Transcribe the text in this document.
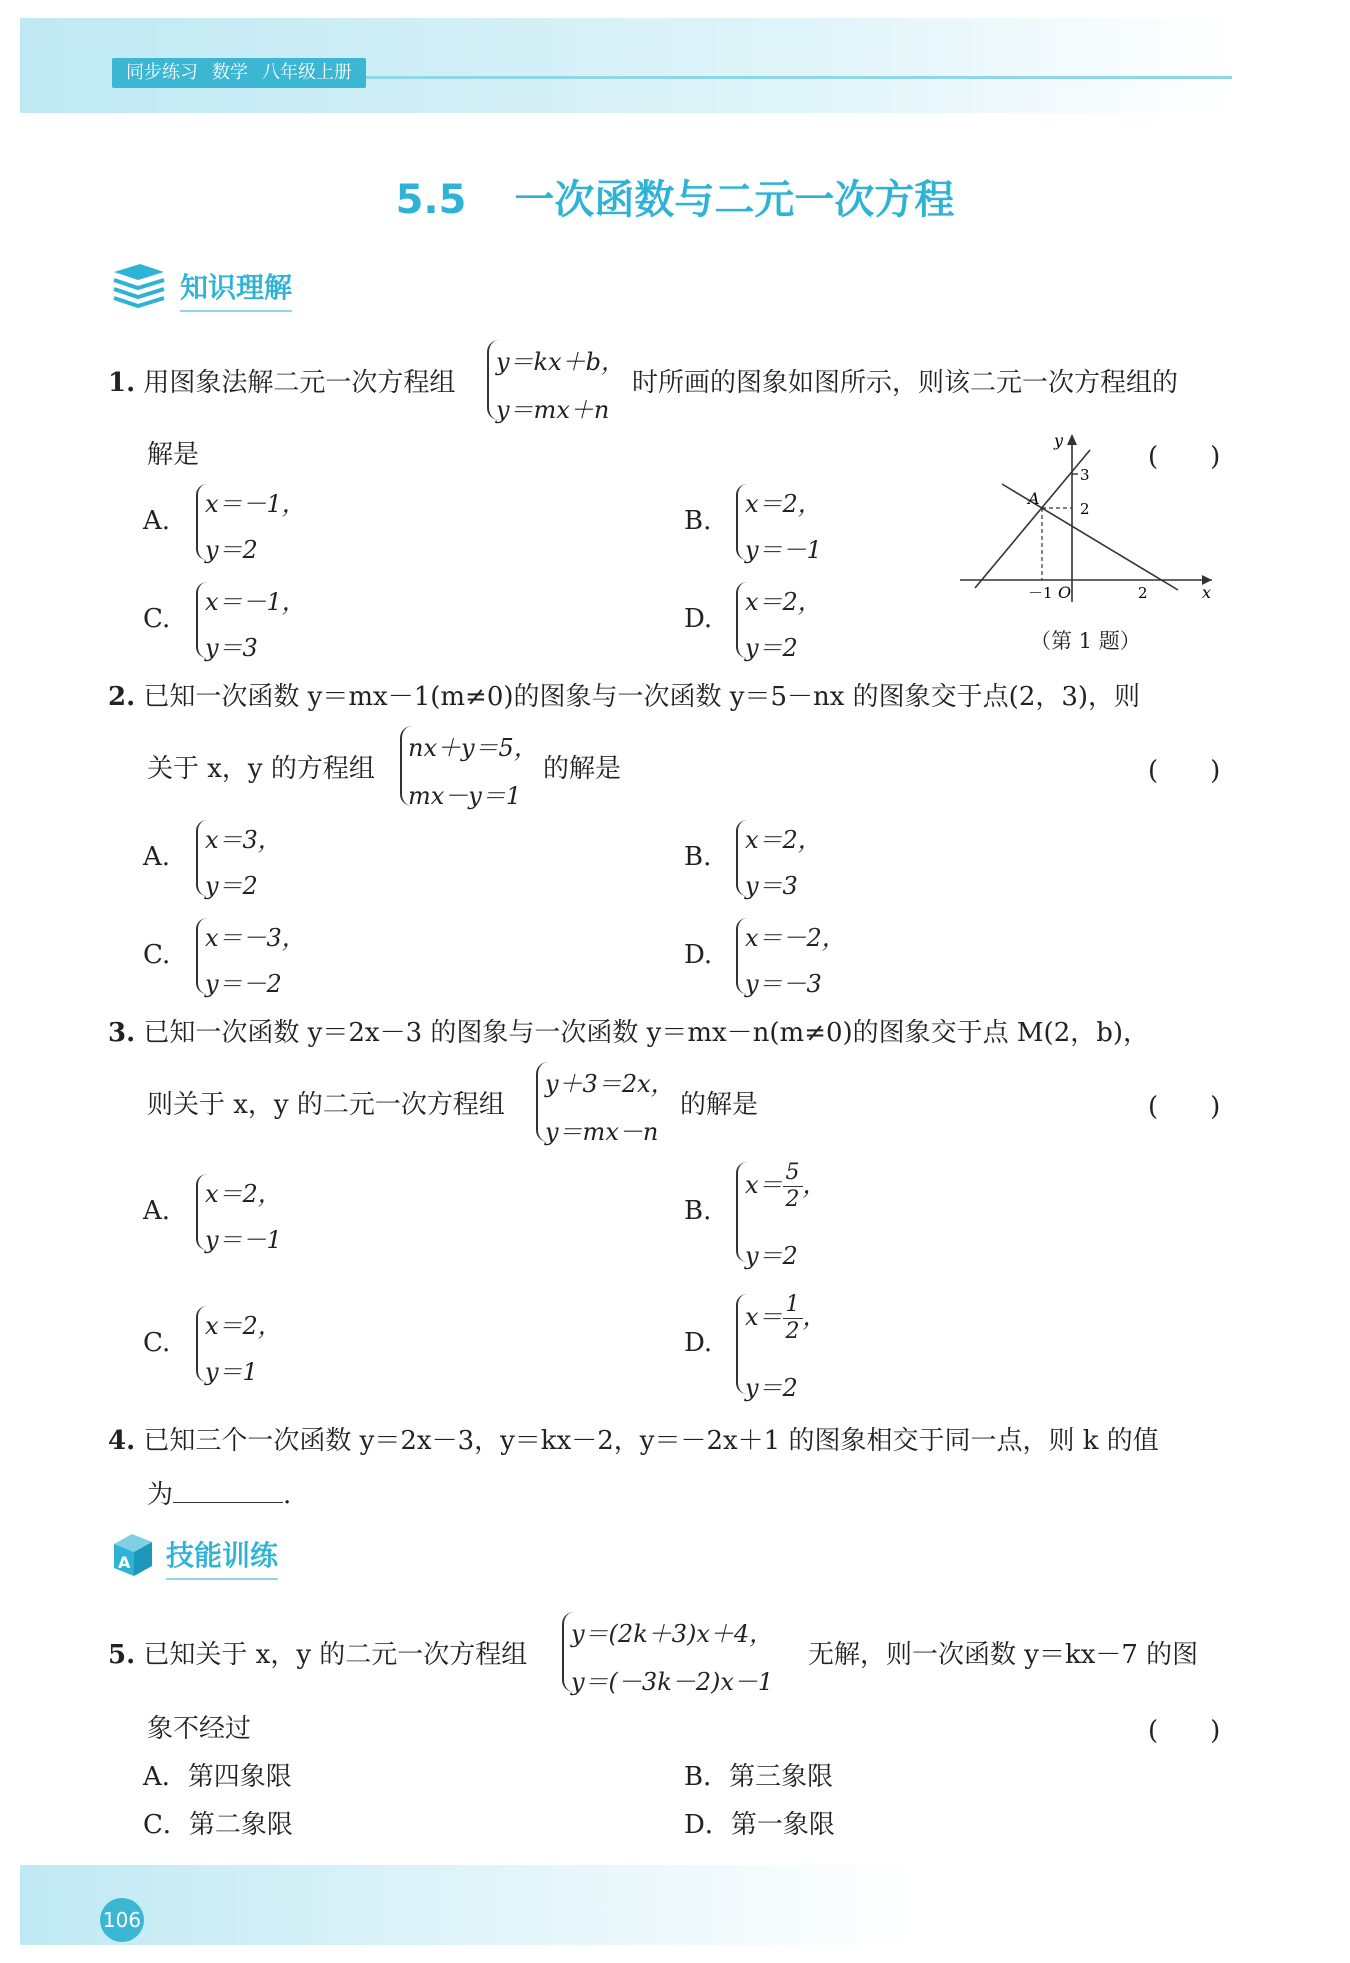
同步练习 数学 八年级上册
5.5 一次函数与二元一次方程
知识理解
1. 用图象法解二元一次方程组
y＝kx＋b，
y＝mx＋n
时所画的图象如图所示，则该二元一次方程组的
解是	(　　)
A.
x＝－1，
y＝2
B.
x＝2，
y＝－1
C.
x＝－1，
y＝3
D.
x＝2，
y＝2
x
y
O
A
－1	2
2
3
（第 1 题）
2. 已知一次函数 y＝mx－1(m≠0)的图象与一次函数 y＝5－nx 的图象交于点(2，3)，则
关于 x，y 的方程组
nx＋y＝5，
mx－y＝1
的解是	(　　)
A.
x＝3，
y＝2
B.
x＝2，
y＝3
C.
x＝－3，
y＝－2
D.
x＝－2，
y＝－3
3. 已知一次函数 y＝2x－3 的图象与一次函数 y＝mx－n(m≠0)的图象交于点 M(2，b)，
则关于 x，y 的二元一次方程组
y＋3＝2x，
y＝mx－n
的解是	(　　)
A.
x＝2，
y＝－1
B.
$x= \frac{5}{2}$ ，
y＝2
C.
x＝2，
y＝1
D.
$x= \frac{1}{2}$ ，
y＝2
4. 已知三个一次函数 y＝2x－3，y＝kx－2，y＝－2x＋1 的图象相交于同一点，则 k 的值
为	.
A 技能训练
5. 已知关于 x，y 的二元一次方程组
y＝(2k＋3)x＋4，
y＝(－3k－2)x－1
无解，则一次函数 y＝kx－7 的图
象不经过	(　　)
A．第四象限	B．第三象限
C．第二象限	D．第一象限
106
